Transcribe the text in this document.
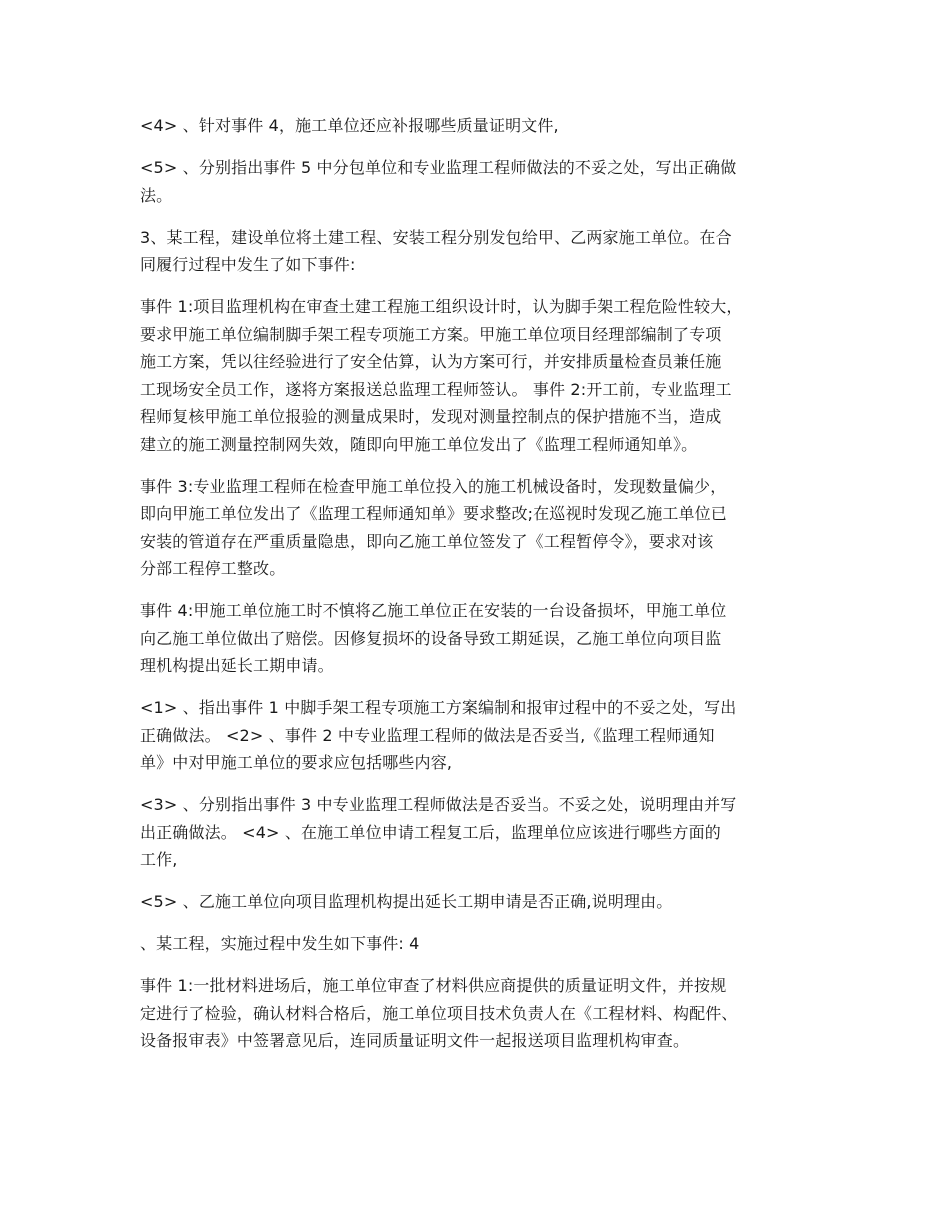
<4> 、针对事件 4，施工单位还应补报哪些质量证明文件,

<5> 、分别指出事件 5 中分包单位和专业监理工程师做法的不妥之处，写出正确做
法。

3、某工程，建设单位将土建工程、安装工程分别发包给甲、乙两家施工单位。在合
同履行过程中发生了如下事件:

事件 1:项目监理机构在审查土建工程施工组织设计时，认为脚手架工程危险性较大，
要求甲施工单位编制脚手架工程专项施工方案。甲施工单位项目经理部编制了专项
施工方案，凭以往经验进行了安全估算，认为方案可行，并安排质量检查员兼任施
工现场安全员工作，遂将方案报送总监理工程师签认。 事件 2:开工前，专业监理工
程师复核甲施工单位报验的测量成果时，发现对测量控制点的保护措施不当，造成
建立的施工测量控制网失效，随即向甲施工单位发出了《监理工程师通知单》。

事件 3:专业监理工程师在检查甲施工单位投入的施工机械设备时，发现数量偏少，
即向甲施工单位发出了《监理工程师通知单》要求整改;在巡视时发现乙施工单位已
安装的管道存在严重质量隐患，即向乙施工单位签发了《工程暂停令》，要求对该
分部工程停工整改。

事件 4:甲施工单位施工时不慎将乙施工单位正在安装的一台设备损坏，甲施工单位
向乙施工单位做出了赔偿。因修复损坏的设备导致工期延误，乙施工单位向项目监
理机构提出延长工期申请。

<1> 、指出事件 1 中脚手架工程专项施工方案编制和报审过程中的不妥之处，写出
正确做法。 <2> 、事件 2 中专业监理工程师的做法是否妥当,《监理工程师通知
单》中对甲施工单位的要求应包括哪些内容,

<3> 、分别指出事件 3 中专业监理工程师做法是否妥当。不妥之处，说明理由并写
出正确做法。 <4> 、在施工单位申请工程复工后，监理单位应该进行哪些方面的
工作,

<5> 、乙施工单位向项目监理机构提出延长工期申请是否正确,说明理由。

、某工程，实施过程中发生如下事件: 4

事件 1:一批材料进场后，施工单位审查了材料供应商提供的质量证明文件，并按规
定进行了检验，确认材料合格后，施工单位项目技术负责人在《工程材料、构配件、
设备报审表》中签署意见后，连同质量证明文件一起报送项目监理机构审查。
